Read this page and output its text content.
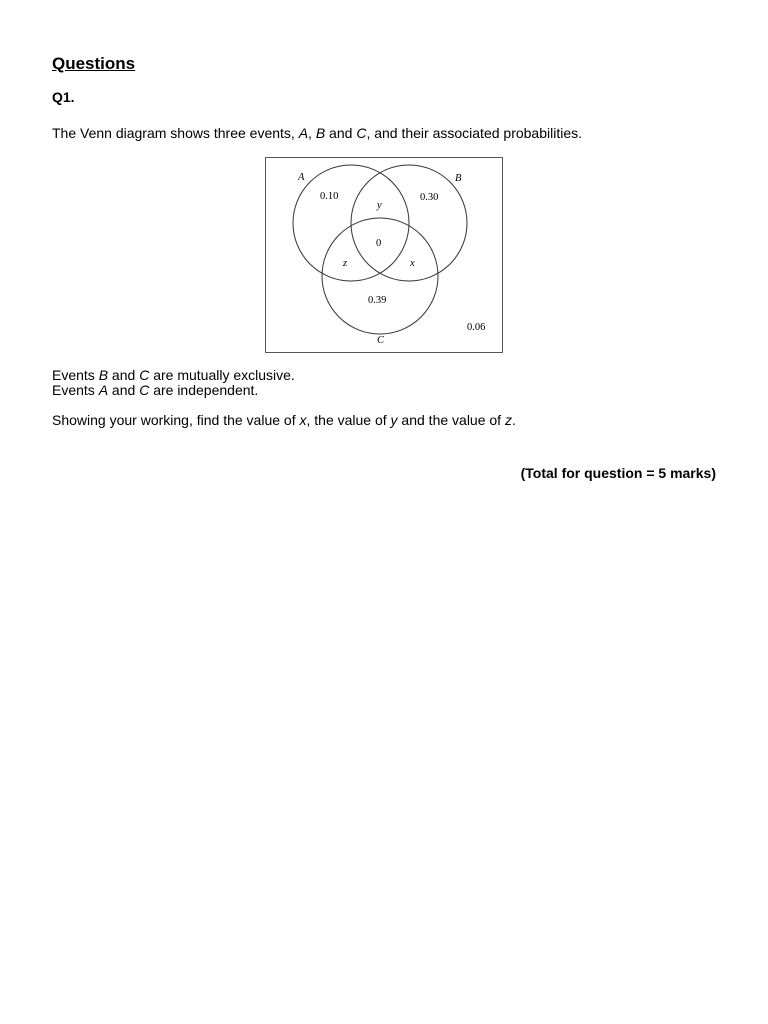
Questions
Q1.
The Venn diagram shows three events, A, B and C, and their associated probabilities.
A	B
C
0.10	0.30
y
0
z	x
0.39
0.06
Events B and C are mutually exclusive.
Events A and C are independent.
Showing your working, find the value of x, the value of y and the value of z.
(Total for question = 5 marks)
